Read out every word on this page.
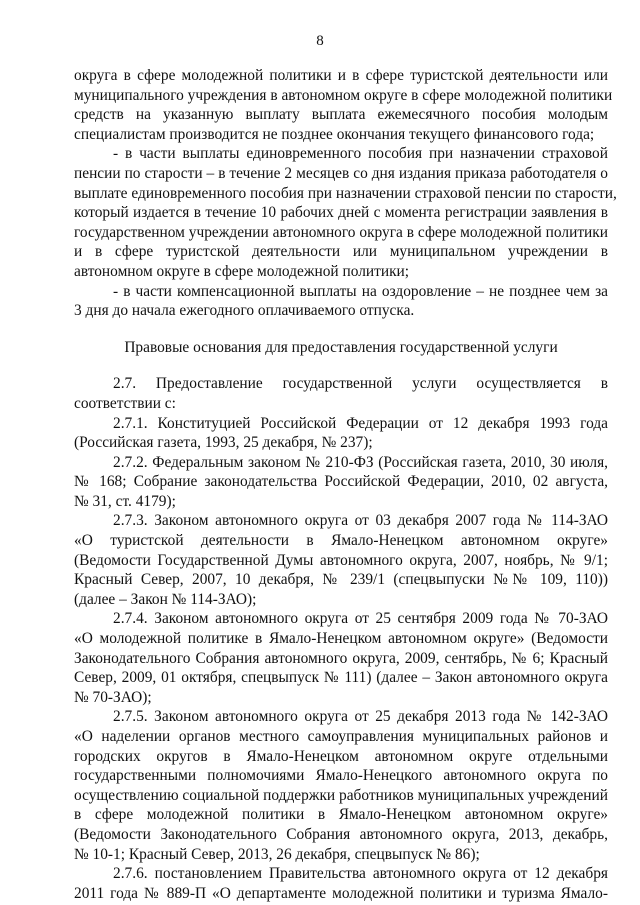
8
округа в сфере молодежной политики и в сфере туристской деятельности или
муниципального учреждения в автономном округе в сфере молодежной политики
средств на указанную выплату выплата ежемесячного пособия молодым
специалистам производится не позднее окончания текущего финансового года;
- в части выплаты единовременного пособия при назначении страховой
пенсии по старости – в течение 2 месяцев со дня издания приказа работодателя о
выплате единовременного пособия при назначении страховой пенсии по старости,
который издается в течение 10 рабочих дней с момента регистрации заявления в
государственном учреждении автономного округа в сфере молодежной политики
и в сфере туристской деятельности или муниципальном учреждении в
автономном округе в сфере молодежной политики;
- в части компенсационной выплаты на оздоровление – не позднее чем за
3 дня до начала ежегодного оплачиваемого отпуска.
Правовые основания для предоставления государственной услуги
2.7. Предоставление государственной услуги осуществляется в
соответствии с:
2.7.1. Конституцией Российской Федерации от 12 декабря 1993 года
(Российская газета, 1993, 25 декабря, № 237);
2.7.2. Федеральным законом № 210-ФЗ (Российская газета, 2010, 30 июля,
№ 168; Собрание законодательства Российской Федерации, 2010, 02 августа,
№ 31, ст. 4179);
2.7.3. Законом автономного округа от 03 декабря 2007 года № 114-ЗАО
«О туристской деятельности в Ямало-Ненецком автономном округе»
(Ведомости Государственной Думы автономного округа, 2007, ноябрь, № 9/1;
Красный Север, 2007, 10 декабря, № 239/1 (спецвыпуски №№ 109, 110))
(далее – Закон № 114-ЗАО);
2.7.4. Законом автономного округа от 25 сентября 2009 года № 70-ЗАО
«О молодежной политике в Ямало-Ненецком автономном округе» (Ведомости
Законодательного Собрания автономного округа, 2009, сентябрь, № 6; Красный
Север, 2009, 01 октября, спецвыпуск № 111) (далее – Закон автономного округа
№ 70-ЗАО);
2.7.5. Законом автономного округа от 25 декабря 2013 года № 142-ЗАО
«О наделении органов местного самоуправления муниципальных районов и
городских округов в Ямало-Ненецком автономном округе отдельными
государственными полномочиями Ямало-Ненецкого автономного округа по
осуществлению социальной поддержки работников муниципальных учреждений
в сфере молодежной политики в Ямало-Ненецком автономном округе»
(Ведомости Законодательного Собрания автономного округа, 2013, декабрь,
№ 10-1; Красный Север, 2013, 26 декабря, спецвыпуск № 86);
2.7.6. постановлением Правительства автономного округа от 12 декабря
2011 года № 889-П «О департаменте молодежной политики и туризма Ямало-
